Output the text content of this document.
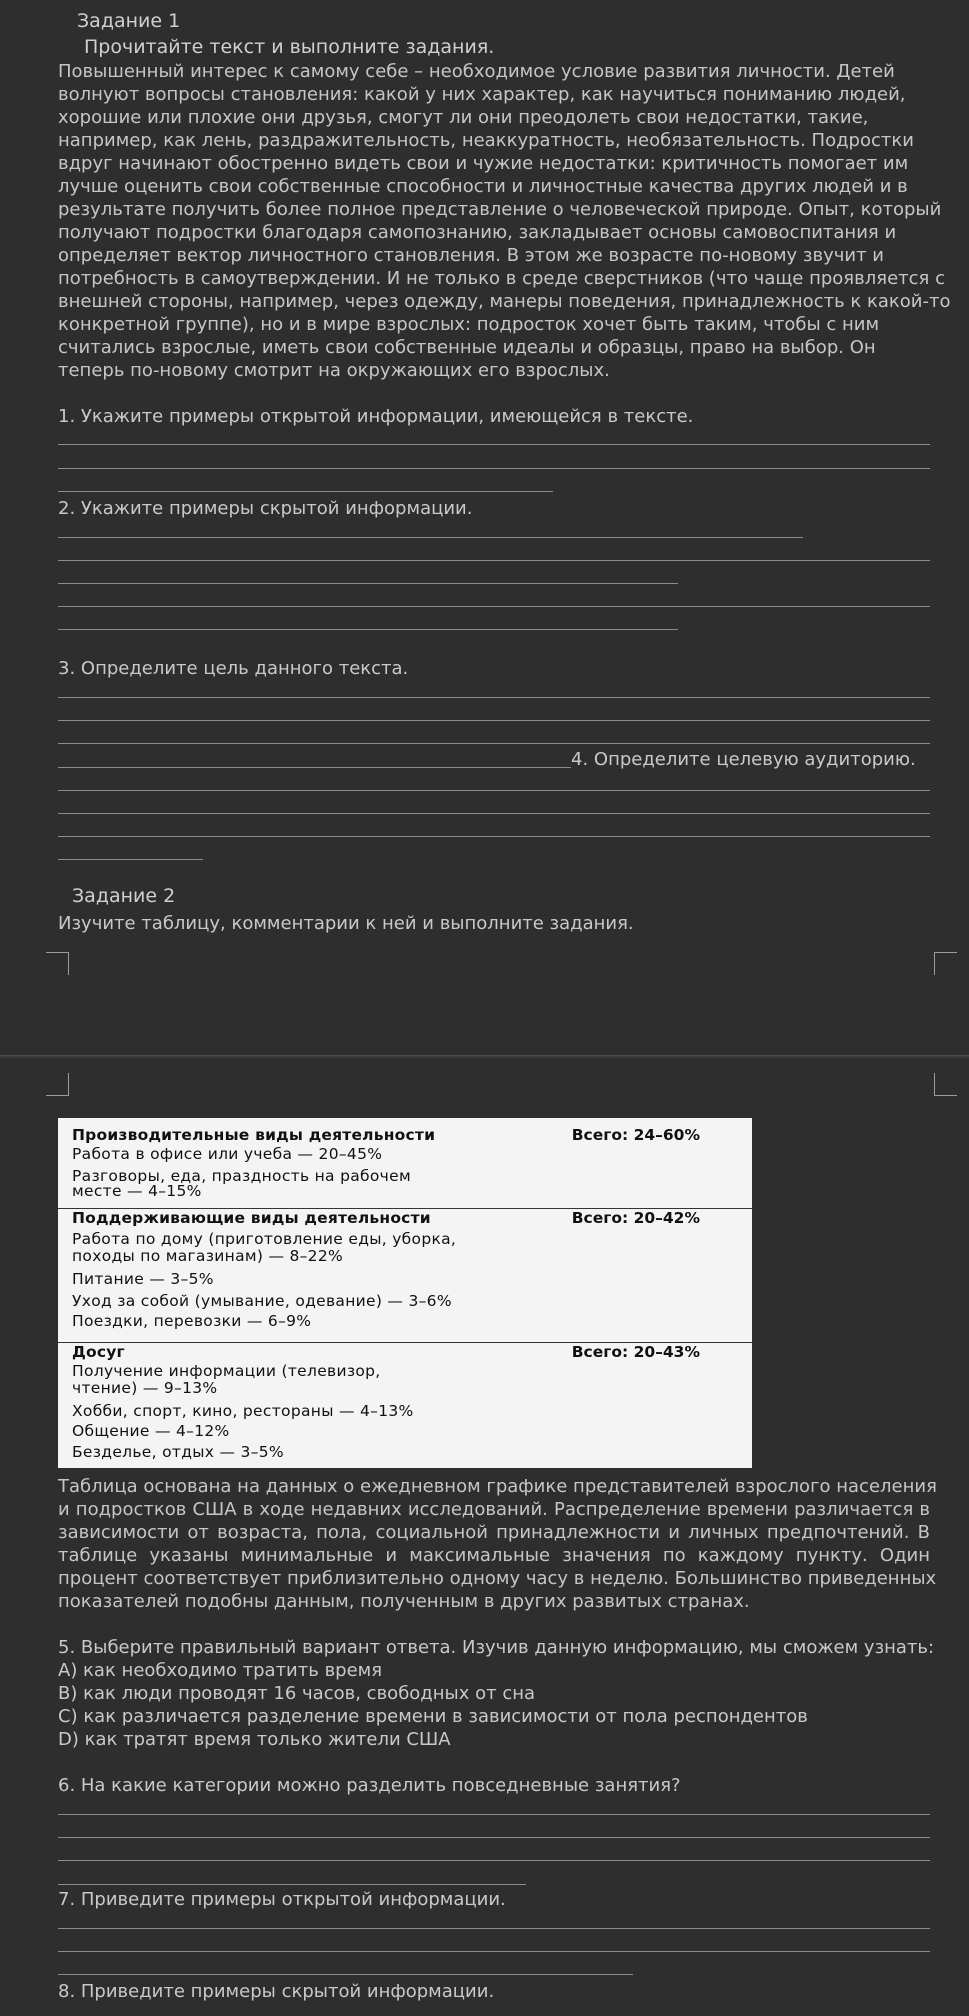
Задание 1
Прочитайте текст и выполните задания.
Повышенный интерес к самому себе – необходимое условие развития личности. Детей
волнуют вопросы становления: какой у них характер, как научиться пониманию людей,
хорошие или плохие они друзья, смогут ли они преодолеть свои недостатки, такие,
например, как лень, раздражительность, неаккуратность, необязательность. Подростки
вдруг начинают обостренно видеть свои и чужие недостатки: критичность помогает им
лучше оценить свои собственные способности и личностные качества других людей и в
результате получить более полное представление о человеческой природе. Опыт, который
получают подростки благодаря самопознанию, закладывает основы самовоспитания и
определяет вектор личностного становления. В этом же возрасте по-новому звучит и
потребность в самоутверждении. И не только в среде сверстников (что чаще проявляется с
внешней стороны, например, через одежду, манеры поведения, принадлежность к какой-то
конкретной группе), но и в мире взрослых: подросток хочет быть таким, чтобы с ним
считались взрослые, иметь свои собственные идеалы и образцы, право на выбор. Он
теперь по-новому смотрит на окружающих его взрослых.
1. Укажите примеры открытой информации, имеющейся в тексте.
2. Укажите примеры скрытой информации.
3. Определите цель данного текста.
4. Определите целевую аудиторию.
Задание 2
Изучите таблицу, комментарии к ней и выполните задания.
Производительные виды деятельности	Всего: 24–60%
Работа в офисе или учеба — 20–45%
Разговоры, еда, праздность на рабочем
месте — 4–15%
Поддерживающие виды деятельности	Всего: 20–42%
Работа по дому (приготовление еды, уборка,
походы по магазинам) — 8–22%
Питание — 3–5%
Уход за собой (умывание, одевание) — 3–6%
Поездки, перевозки — 6–9%
Досуг	Всего: 20–43%
Получение информации (телевизор,
чтение) — 9–13%
Хобби, спорт, кино, рестораны — 4–13%
Общение — 4–12%
Безделье, отдых — 3–5%
Таблица основана на данных о ежедневном графике представителей взрослого населения
и подростков США в ходе недавних исследований. Распределение времени различается в
зависимости от возраста, пола, социальной принадлежности и личных предпочтений. В
таблице указаны минимальные и максимальные значения по каждому пункту. Один
процент соответствует приблизительно одному часу в неделю. Большинство приведенных
показателей подобны данным, полученным в других развитых странах.
5. Выберите правильный вариант ответа. Изучив данную информацию, мы сможем узнать:
А) как необходимо тратить время
В) как люди проводят 16 часов, свободных от сна
С) как различается разделение времени в зависимости от пола респондентов
D) как тратят время только жители США
6. На какие категории можно разделить повседневные занятия?
7. Приведите примеры открытой информации.
8. Приведите примеры скрытой информации.
